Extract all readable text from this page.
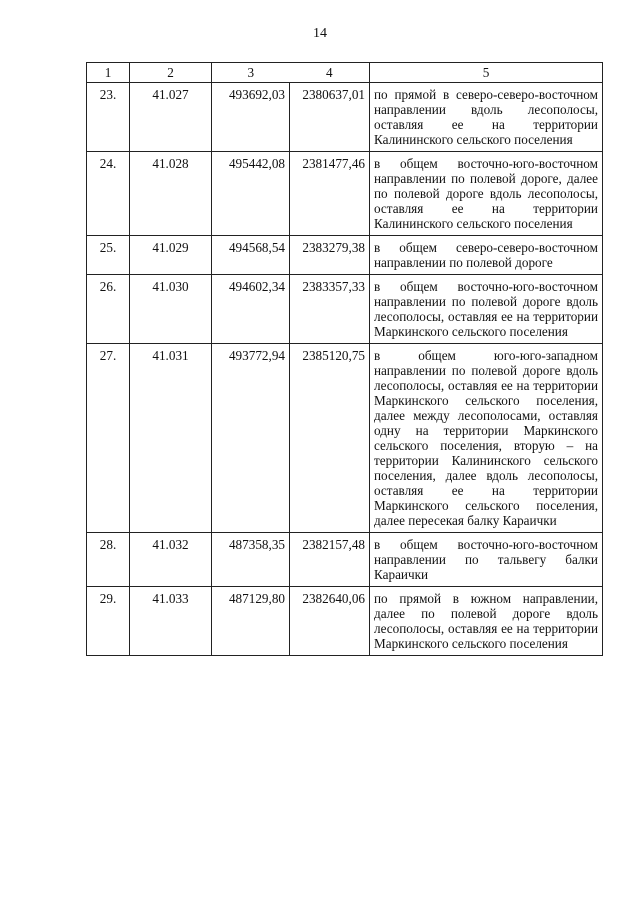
14
1	2	3	4	5
23.	41.027	493692,03	2380637,01	по прямой в северо-северо-восточном направлении вдоль лесополосы, оставляя ее на территории Калининского сельского поселения
24.	41.028	495442,08	2381477,46	в общем восточно-юго-восточном направлении по полевой дороге, далее по полевой дороге вдоль лесополосы, оставляя ее на территории Калининского сельского поселения
25.	41.029	494568,54	2383279,38	в общем северо-северо-восточном направлении по полевой дороге
26.	41.030	494602,34	2383357,33	в общем восточно-юго-восточном направлении по полевой дороге вдоль лесополосы, оставляя ее на территории Маркинского сельского поселения
27.	41.031	493772,94	2385120,75	в общем юго-юго-западном направлении по полевой дороге вдоль лесополосы, оставляя ее на территории Маркинского сельского поселения, далее между лесополосами, оставляя одну на территории Маркинского сельского поселения, вторую – на территории Калининского сельского поселения, далее вдоль лесополосы, оставляя ее на территории Маркинского сельского поселения, далее пересекая балку Караички
28.	41.032	487358,35	2382157,48	в общем восточно-юго-восточном направлении по тальвегу балки Караички
29.	41.033	487129,80	2382640,06	по прямой в южном направлении, далее по полевой дороге вдоль лесополосы, оставляя ее на территории Маркинского сельского поселения
